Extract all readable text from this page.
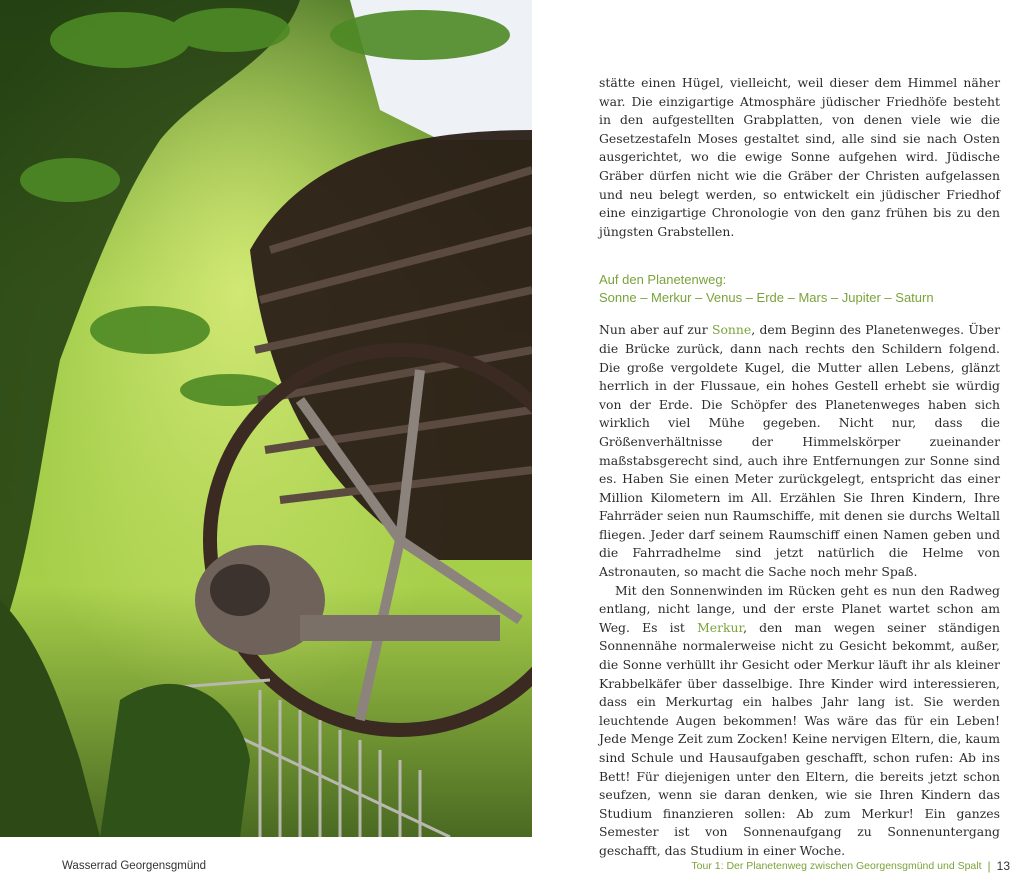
stätte einen Hügel, vielleicht, weil dieser dem Himmel näher war. Die einzigartige Atmosphäre jüdischer Friedhöfe besteht in den aufgestellten Grabplatten, von denen viele wie die Gesetzestafeln Moses gestaltet sind, alle sind sie nach Osten ausgerichtet, wo die ewige Sonne aufgehen wird. Jüdische Gräber dürfen nicht wie die Gräber der Christen aufgelassen und neu belegt werden, so entwickelt ein jüdischer Friedhof eine einzigartige Chronologie von den ganz frühen bis zu den jüngsten Grabstellen.

Auf den Planetenweg:
Sonne – Merkur – Venus – Erde – Mars – Jupiter – Saturn

Nun aber auf zur Sonne, dem Beginn des Planetenweges. Über die Brücke zurück, dann nach rechts den Schildern folgend. Die große vergoldete Kugel, die Mutter allen Lebens, glänzt herrlich in der Flussaue, ein hohes Gestell erhebt sie würdig von der Erde. Die Schöpfer des Planetenweges haben sich wirklich viel Mühe gegeben. Nicht nur, dass die Größenverhältnisse der Himmelskörper zueinander maßstabsgerecht sind, auch ihre Entfernungen zur Sonne sind es. Haben Sie einen Meter zurückgelegt, entspricht das einer Million Kilometern im All. Erzählen Sie Ihren Kindern, Ihre Fahrräder seien nun Raumschiffe, mit denen sie durchs Weltall fliegen. Jeder darf seinem Raumschiff einen Namen geben und die Fahrradhelme sind jetzt natürlich die Helme von Astronauten, so macht die Sache noch mehr Spaß.

Mit den Sonnenwinden im Rücken geht es nun den Radweg entlang, nicht lange, und der erste Planet wartet schon am Weg. Es ist Merkur, den man wegen seiner ständigen Sonnennähe normalerweise nicht zu Gesicht bekommt, außer, die Sonne verhüllt ihr Gesicht oder Merkur läuft ihr als kleiner Krabbelkäfer über dasselbige. Ihre Kinder wird interessieren, dass ein Merkurtag ein halbes Jahr lang ist. Sie werden leuchtende Augen bekommen! Was wäre das für ein Leben! Jede Menge Zeit zum Zocken! Keine nervigen Eltern, die, kaum sind Schule und Hausaufgaben geschafft, schon rufen: Ab ins Bett! Für diejenigen unter den Eltern, die bereits jetzt schon seufzen, wenn sie daran denken, wie sie Ihren Kindern das Studium finanzieren sollen: Ab zum Merkur! Ein ganzes Semester ist von Sonnenaufgang zu Sonnenuntergang geschafft, das Studium in einer Woche.

Wasserrad Georgensgmünd	Tour 1: Der Planetenweg zwischen Georgensgmünd und Spalt | 13
